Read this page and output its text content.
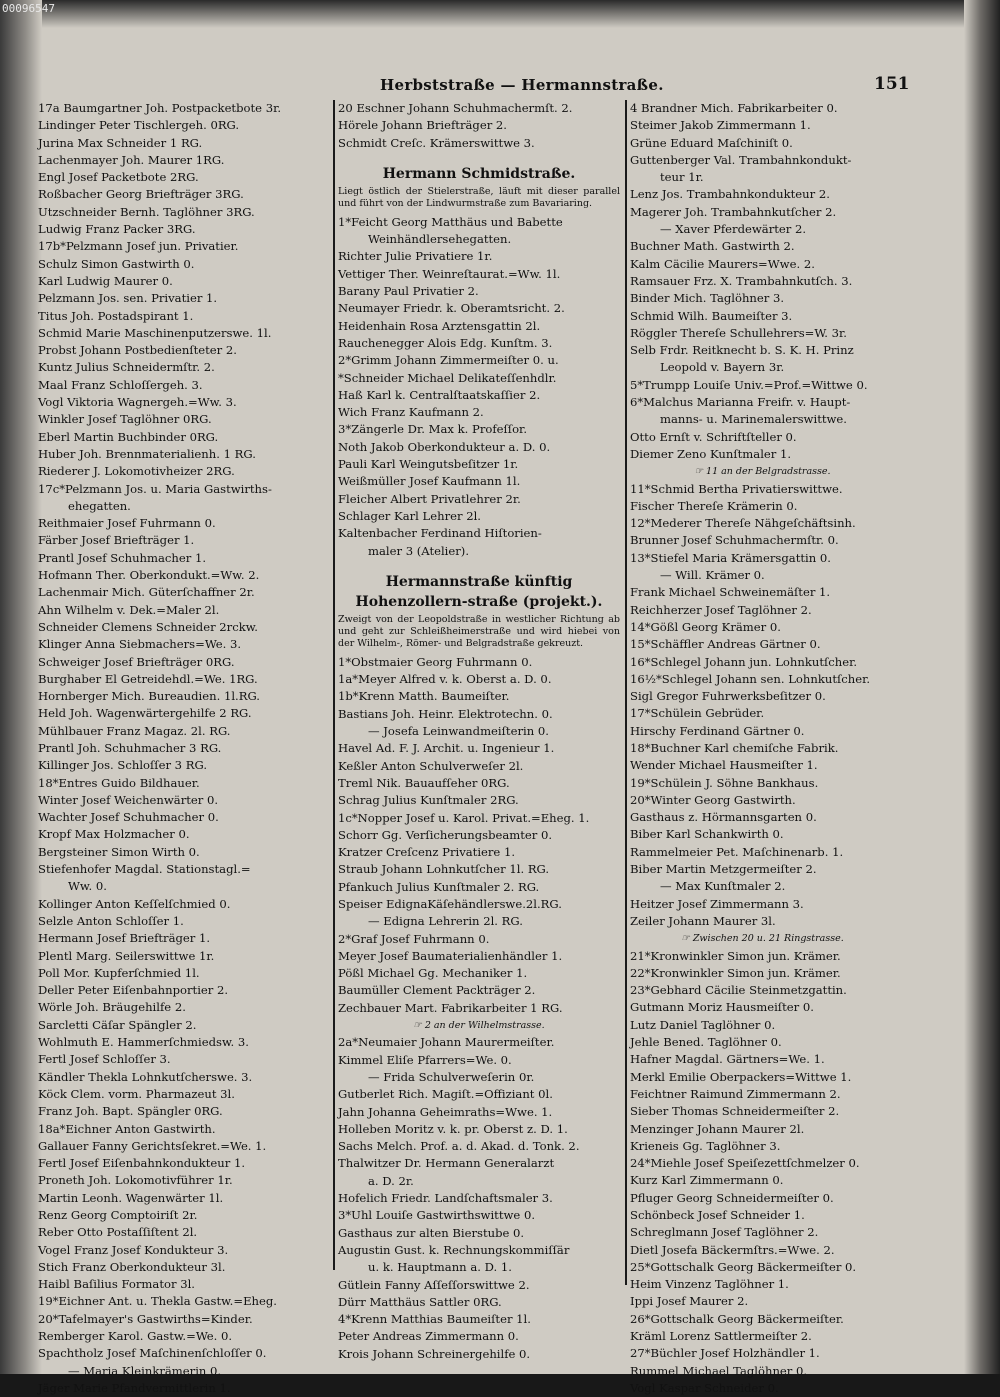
00096547
Herbststraße — Hermannstraße.	151
17a Baumgartner Joh. Postpacketbote 3r.
Lindinger Peter Tischlergeh. 0RG.
Jurina Max Schneider 1 RG.
Lachenmayer Joh. Maurer 1RG.
Engl Josef Packetbote 2RG.
Roßbacher Georg Briefträger 3RG.
Utzschneider Bernh. Taglöhner 3RG.
Ludwig Franz Packer 3RG.
17b*Pelzmann Josef jun. Privatier.
Schulz Simon Gastwirth 0.
Karl Ludwig Maurer 0.
Pelzmann Jos. sen. Privatier 1.
Titus Joh. Postadspirant 1.
Schmid Marie Maschinenputzerswe. 1l.
Probst Johann Postbedienſteter 2.
Kuntz Julius Schneidermſtr. 2.
Maal Franz Schloſſergeh. 3.
Vogl Viktoria Wagnergeh.=Ww. 3.
Winkler Josef Taglöhner 0RG.
Eberl Martin Buchbinder 0RG.
Huber Joh. Brennmaterialienh. 1 RG.
Riederer J. Lokomotivheizer 2RG.
17c*Pelzmann Jos. u. Maria Gastwirths-
ehegatten.
Reithmaier Josef Fuhrmann 0.
Färber Josef Briefträger 1.
Prantl Josef Schuhmacher 1.
Hofmann Ther. Oberkondukt.=Ww. 2.
Lachenmair Mich. Güterſchaffner 2r.
Ahn Wilhelm v. Dek.=Maler 2l.
Schneider Clemens Schneider 2rckw.
Klinger Anna Siebmachers=We. 3.
Schweiger Josef Briefträger 0RG.
Burghaber El Getreidehdl.=We. 1RG.
Hornberger Mich. Bureaudien. 1l.RG.
Held Joh. Wagenwärtergehilfe 2 RG.
Mühlbauer Franz Magaz. 2l. RG.
Prantl Joh. Schuhmacher 3 RG.
Killinger Jos. Schloſſer 3 RG.
18*Entres Guido Bildhauer.
Winter Josef Weichenwärter 0.
Wachter Josef Schuhmacher 0.
Kropf Max Holzmacher 0.
Bergsteiner Simon Wirth 0.
Stiefenhofer Magdal. Stationstagl.=
Ww. 0.
Kollinger Anton Keſſelſchmied 0.
Selzle Anton Schloſſer 1.
Hermann Josef Briefträger 1.
Plentl Marg. Seilerswittwe 1r.
Poll Mor. Kupferſchmied 1l.
Deller Peter Eiſenbahnportier 2.
Wörle Joh. Bräugehilfe 2.
Sarcletti Cäſar Spängler 2.
Wohlmuth E. Hammerſchmiedsw. 3.
Fertl Josef Schloſſer 3.
Kändler Thekla Lohnkutſcherswe. 3.
Köck Clem. vorm. Pharmazeut 3l.
Franz Joh. Bapt. Spängler 0RG.
18a*Eichner Anton Gastwirth.
Gallauer Fanny Gerichtsſekret.=We. 1.
Fertl Josef Eiſenbahnkondukteur 1.
Proneth Joh. Lokomotivführer 1r.
Martin Leonh. Wagenwärter 1l.
Renz Georg Comptoiriſt 2r.
Reber Otto Postaſſiſtent 2l.
Vogel Franz Josef Kondukteur 3.
Stich Franz Oberkondukteur 3l.
Haibl Baſilius Formator 3l.
19*Eichner Ant. u. Thekla Gastw.=Eheg.
20*Tafelmayer's Gastwirths=Kinder.
Remberger Karol. Gastw.=We. 0.
Spachtholz Josef Maſchinenſchloſſer 0.
— Maria Kleinkrämerin 0.
Jäger Marie Pfandvermittlerin 1.
20 Eschner Johann Schuhmachermſt. 2.
Hörele Johann Briefträger 2.
Schmidt Creſc. Krämerswittwe 3.
Hermann Schmidstraße.
Liegt östlich der Stielerstraße, läuft mit dieser parallel und führt von der Lindwurmstraße zum Bavariaring.
1*Feicht Georg Matthäus und Babette
Weinhändlersehegatten.
Richter Julie Privatiere 1r.
Vettiger Ther. Weinreſtaurat.=Ww. 1l.
Barany Paul Privatier 2.
Neumayer Friedr. k. Oberamtsricht. 2.
Heidenhain Rosa Arztensgattin 2l.
Rauchenegger Alois Edg. Kunſtm. 3.
2*Grimm Johann Zimmermeiſter 0. u.
*Schneider Michael Delikateſſenhdlr.
Haß Karl k. Centralſtaatskaſſier 2.
Wich Franz Kaufmann 2.
3*Zängerle Dr. Max k. Profeſſor.
Noth Jakob Oberkondukteur a. D. 0.
Pauli Karl Weingutsbeſitzer 1r.
Weißmüller Josef Kaufmann 1l.
Fleicher Albert Privatlehrer 2r.
Schlager Karl Lehrer 2l.
Kaltenbacher Ferdinand Hiſtorien-
maler 3 (Atelier).
Hermannstraße künftig Hohenzollern-straße (projekt.).
Zweigt von der Leopoldstraße in westlicher Richtung ab und geht zur Schleißheimerstraße und wird hiebei von der Wilhelm-, Römer- und Belgradstraße gekreuzt.
1*Obstmaier Georg Fuhrmann 0.
1a*Meyer Alfred v. k. Oberst a. D. 0.
1b*Krenn Matth. Baumeiſter.
Bastians Joh. Heinr. Elektrotechn. 0.
— Josefa Leinwandmeiſterin 0.
Havel Ad. F. J. Archit. u. Ingenieur 1.
Keßler Anton Schulverweſer 2l.
Treml Nik. Bauaufſeher 0RG.
Schrag Julius Kunſtmaler 2RG.
1c*Nopper Josef u. Karol. Privat.=Eheg. 1.
Schorr Gg. Verſicherungsbeamter 0.
Kratzer Creſcenz Privatiere 1.
Straub Johann Lohnkutſcher 1l. RG.
Pfankuch Julius Kunſtmaler 2. RG.
Speiser EdignaKäſehändlerswe.2l.RG.
— Edigna Lehrerin 2l. RG.
2*Graf Josef Fuhrmann 0.
Meyer Josef Baumaterialienhändler 1.
Pößl Michael Gg. Mechaniker 1.
Baumüller Clement Packträger 2.
Zechbauer Mart. Fabrikarbeiter 1 RG.
☞ 2 an der Wilhelmstrasse.
2a*Neumaier Johann Maurermeiſter.
Kimmel Eliſe Pfarrers=We. 0.
— Frida Schulverweſerin 0r.
Gutberlet Rich. Magiſt.=Offiziant 0l.
Jahn Johanna Geheimraths=Wwe. 1.
Holleben Moritz v. k. pr. Oberst z. D. 1.
Sachs Melch. Prof. a. d. Akad. d. Tonk. 2.
Thalwitzer Dr. Hermann Generalarzt
a. D. 2r.
Hofelich Friedr. Landſchaftsmaler 3.
3*Uhl Louiſe Gastwirthswittwe 0.
Gasthaus zur alten Bierstube 0.
Augustin Gust. k. Rechnungskommiſſär
u. k. Hauptmann a. D. 1.
Gütlein Fanny Aſſeſſorswittwe 2.
Dürr Matthäus Sattler 0RG.
4*Krenn Matthias Baumeiſter 1l.
Peter Andreas Zimmermann 0.
Krois Johann Schreinergehilfe 0.
4 Brandner Mich. Fabrikarbeiter 0.
Steimer Jakob Zimmermann 1.
Grüne Eduard Maſchiniſt 0.
Guttenberger Val. Trambahnkondukt-
teur 1r.
Lenz Jos. Trambahnkondukteur 2.
Magerer Joh. Trambahnkutſcher 2.
— Xaver Pferdewärter 2.
Buchner Math. Gastwirth 2.
Kalm Cäcilie Maurers=Wwe. 2.
Ramsauer Frz. X. Trambahnkutſch. 3.
Binder Mich. Taglöhner 3.
Schmid Wilh. Baumeiſter 3.
Röggler Thereſe Schullehrers=W. 3r.
Selb Frdr. Reitknecht b. S. K. H. Prinz
Leopold v. Bayern 3r.
5*Trumpp Louiſe Univ.=Prof.=Wittwe 0.
6*Malchus Marianna Freifr. v. Haupt-
manns- u. Marinemalerswittwe.
Otto Ernſt v. Schriftſteller 0.
Diemer Zeno Kunſtmaler 1.
☞ 11 an der Belgradstrasse.
11*Schmid Bertha Privatierswittwe.
Fischer Thereſe Krämerin 0.
12*Mederer Thereſe Nähgeſchäftsinh.
Brunner Josef Schuhmachermſtr. 0.
13*Stiefel Maria Krämersgattin 0.
— Will. Krämer 0.
Frank Michael Schweinemäſter 1.
Reichherzer Josef Taglöhner 2.
14*Gößl Georg Krämer 0.
15*Schäffler Andreas Gärtner 0.
16*Schlegel Johann jun. Lohnkutſcher.
16½*Schlegel Johann sen. Lohnkutſcher.
Sigl Gregor Fuhrwerksbeſitzer 0.
17*Schülein Gebrüder.
Hirschy Ferdinand Gärtner 0.
18*Buchner Karl chemiſche Fabrik.
Wender Michael Hausmeiſter 1.
19*Schülein J. Söhne Bankhaus.
20*Winter Georg Gastwirth.
Gasthaus z. Hörmannsgarten 0.
Biber Karl Schankwirth 0.
Rammelmeier Pet. Maſchinenarb. 1.
Biber Martin Metzgermeiſter 2.
— Max Kunſtmaler 2.
Heitzer Josef Zimmermann 3.
Zeiler Johann Maurer 3l.
☞ Zwischen 20 u. 21 Ringstrasse.
21*Kronwinkler Simon jun. Krämer.
22*Kronwinkler Simon jun. Krämer.
23*Gebhard Cäcilie Steinmetzgattin.
Gutmann Moriz Hausmeiſter 0.
Lutz Daniel Taglöhner 0.
Jehle Bened. Taglöhner 0.
Hafner Magdal. Gärtners=We. 1.
Merkl Emilie Oberpackers=Wittwe 1.
Feichtner Raimund Zimmermann 2.
Sieber Thomas Schneidermeiſter 2.
Menzinger Johann Maurer 2l.
Krieneis Gg. Taglöhner 3.
24*Miehle Josef Speiſezettſchmelzer 0.
Kurz Karl Zimmermann 0.
Pfluger Georg Schneidermeiſter 0.
Schönbeck Josef Schneider 1.
Schreglmann Josef Taglöhner 2.
Dietl Josefa Bäckermſtrs.=Wwe. 2.
25*Gottschalk Georg Bäckermeiſter 0.
Heim Vinzenz Taglöhner 1.
Ippi Josef Maurer 2.
26*Gottschalk Georg Bäckermeiſter.
Kräml Lorenz Sattlermeiſter 2.
27*Büchler Josef Holzhändler 1.
Rummel Michael Taglöhner 0.
Vogl Kaspar Schneider 0.
